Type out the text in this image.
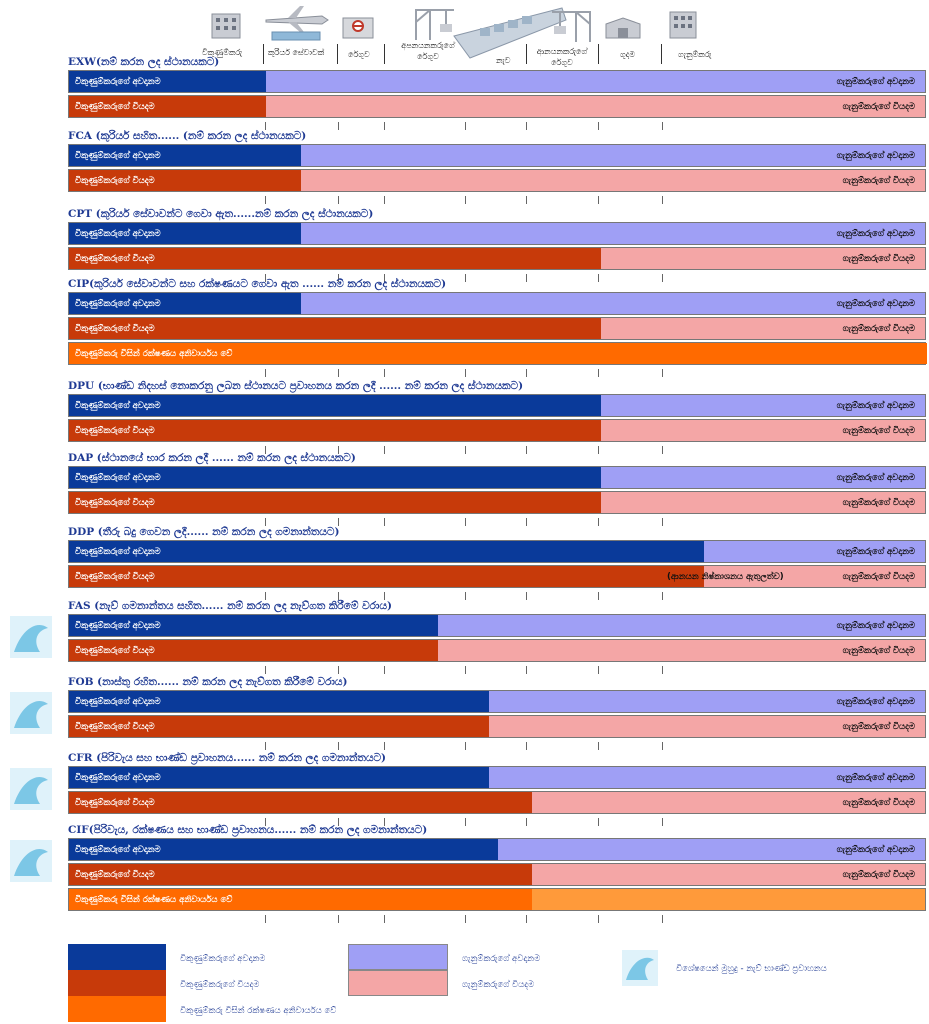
විකුණුම්කරු	කුරියර් සේවාවක්	රේගුව
අපනයනකරුගේ රේගුව	නැව
ආනයනකරුගේ රේගුව
ගුදම	ගැනුම්කරු
EXW(නම් කරන ලද ස්ථානයකට)
විකුණුම්කරුගේ අවදානම	ගැනුම්කරුගේ අවදානම
විකුණුම්කරුගේ වියදම	ගැනුම්කරුගේ වියදම
FCA (කුරියර් සහිත...... (නම් කරන ලද ස්ථානයකට)
විකුණුම්කරුගේ අවදානම	ගැනුම්කරුගේ අවදානම
විකුණුම්කරුගේ වියදම	ගැනුම්කරුගේ වියදම
CPT (කුරියර් සේවාවන්ට ගෙවා ඇත......නම් කරන ලද ස්ථානයකට)
විකුණුම්කරුගේ අවදානම	ගැනුම්කරුගේ අවදානම
විකුණුම්කරුගේ වියදම	ගැනුම්කරුගේ වියදම
CIP(කුරියර් සේවාවන්ට සහ රක්ෂණයට ගෙවා ඇත ...... නම් කරන ලද ස්ථානයකට)
විකුණුම්කරුගේ අවදානම	ගැනුම්කරුගේ අවදානම
විකුණුම්කරුගේ වියදම	ගැනුම්කරුගේ වියදම
විකුණුම්කරු විසින් රක්ෂණය අනිවාර්යය වේ
DPU (භාණ්ඩ නිදහස් නොකරනු ලබන ස්ථානයට ප්‍රවාහනය කරන ලදී ...... නම් කරන ලද ස්ථානයකට)
විකුණුම්කරුගේ අවදානම	ගැනුම්කරුගේ අවදානම
විකුණුම්කරුගේ වියදම	ගැනුම්කරුගේ වියදම
DAP (ස්ථානයේ භාර කරන ලදී ...... නම් කරන ලද ස්ථානයකට)
විකුණුම්කරුගේ අවදානම	ගැනුම්කරුගේ අවදානම
විකුණුම්කරුගේ වියදම	ගැනුම්කරුගේ වියදම
DDP (තීරු බදු ගෙවන ලදී...... නම් කරන ලද ගමනාන්තයට)
විකුණුම්කරුගේ අවදානම	ගැනුම්කරුගේ අවදානම
විකුණුම්කරුගේ වියදම	ගැනුම්කරුගේ වියදම
(ආනයන නිෂ්කාශනය ඇතුලත්ව)
FAS (නැව් ගමනාන්තය සහිත...... නම් කරන ලද නැව්ගත කිරීමේ වරාය)
විකුණුම්කරුගේ අවදානම	ගැනුම්කරුගේ අවදානම
විකුණුම්කරුගේ වියදම	ගැනුම්කරුගේ වියදම
FOB (නාස්තු රහිත...... නම් කරන ලද නැව්ගත කිරීමේ වරාය)
විකුණුම්කරුගේ අවදානම	ගැනුම්කරුගේ අවදානම
විකුණුම්කරුගේ වියදම	ගැනුම්කරුගේ වියදම
CFR (පිරිවැය සහ භාණ්ඩ ප්‍රවාහනය...... නම් කරන ලද ගමනාන්තයට)
විකුණුම්කරුගේ අවදානම	ගැනුම්කරුගේ අවදානම
විකුණුම්කරුගේ වියදම	ගැනුම්කරුගේ වියදම
CIF(පිරිවැය, රක්ෂණය සහ භාණ්ඩ ප්‍රවාහනය...... නම් කරන ලද ගමනාන්තයට)
විකුණුම්කරුගේ අවදානම	ගැනුම්කරුගේ අවදානම
විකුණුම්කරුගේ වියදම	ගැනුම්කරුගේ වියදම
විකුණුම්කරු විසින් රක්ෂණය අනිවාර්යය වේ
විකුණුම්කරුගේ අවදානම
විකුණුම්කරුගේ වියදම
විකුණුම්කරු විසින් රක්ෂණය අනිවාර්යය වේ
ගැනුම්කරුගේ අවදානම
ගැනුම්කරුගේ වියදම
විශේෂයෙන් මුහුදු - නැව් භාණ්ඩ ප්‍රවාහනය
